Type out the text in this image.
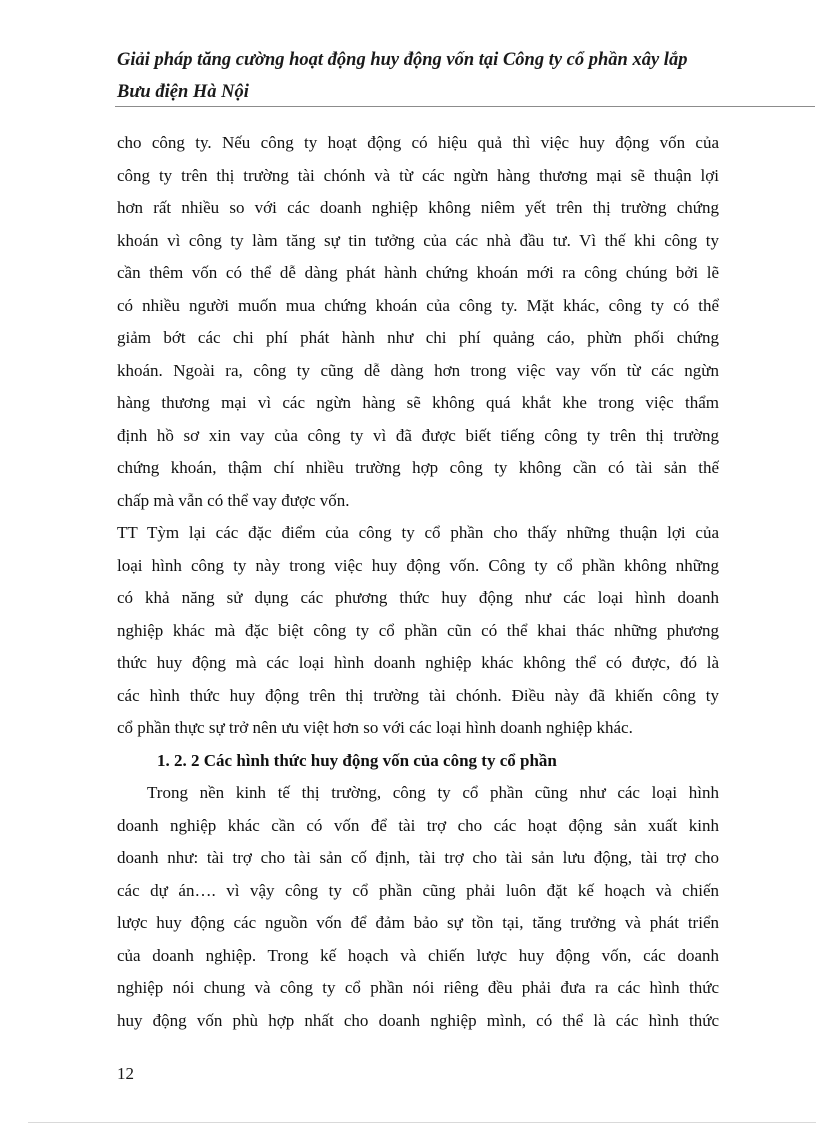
Giải pháp tăng cường hoạt động huy động vốn tại Công ty cổ phần xây lắp
Bưu điện Hà Nội
cho công ty. Nếu công ty hoạt động có hiệu quả thì việc huy động vốn của
công ty trên thị trường tài chónh và từ các ngừn hàng thương mại sẽ thuận lợi
hơn rất nhiều so với các doanh nghiệp không niêm yết trên thị trường chứng
khoán vì công ty làm tăng sự tin tưởng của các nhà đầu tư. Vì thế khi công ty
cần thêm vốn có thể dễ dàng phát hành chứng khoán mới ra công chúng bởi lẽ
có nhiều người muốn mua chứng khoán của công ty. Mặt khác, công ty có thể
giảm bớt các chi phí phát hành như chi phí quảng cáo, phừn phối chứng
khoán. Ngoài ra, công ty cũng dễ dàng hơn trong việc vay vốn từ các ngừn
hàng thương mại vì các ngừn hàng sẽ không quá khắt khe trong việc thẩm
định hồ sơ xin vay của công ty vì đã được biết tiếng công ty trên thị trường
chứng khoán, thậm chí nhiều trường hợp công ty không cần có tài sản thế
chấp mà vẫn có thể vay được vốn.
TT Tỳm lại các đặc điểm của công ty cổ phần cho thấy những thuận lợi của
loại hình công ty này trong việc huy động vốn. Công ty cổ phần không những
có khả năng sử dụng các phương thức huy động như các loại hình doanh
nghiệp khác mà đặc biệt công ty cổ phần cũn có thể khai thác những phương
thức huy động mà các loại hình doanh nghiệp khác không thể có được, đó là
các hình thức huy động trên thị trường tài chónh. Điều này đã khiến công ty
cổ phần thực sự trở nên ưu việt hơn so với các loại hình doanh nghiệp khác.
1. 2. 2 Các hình thức huy động vốn của công ty cổ phần
Trong nền kinh tế thị trường, công ty cổ phần cũng như các loại hình
doanh nghiệp khác cần có vốn để tài trợ cho các hoạt động sản xuất kinh
doanh như: tài trợ cho tài sản cố định, tài trợ cho tài sản lưu động, tài trợ cho
các dự án…. vì vậy công ty cổ phần cũng phải luôn đặt kế hoạch và chiến
lược huy động các nguồn vốn để đảm bảo sự tồn tại, tăng trưởng và phát triển
của doanh nghiệp. Trong kế hoạch và chiến lược huy động vốn, các doanh
nghiệp nói chung và công ty cổ phần nói riêng đều phải đưa ra các hình thức
huy động vốn phù hợp nhất cho doanh nghiệp mình, có thể là các hình thức
12
